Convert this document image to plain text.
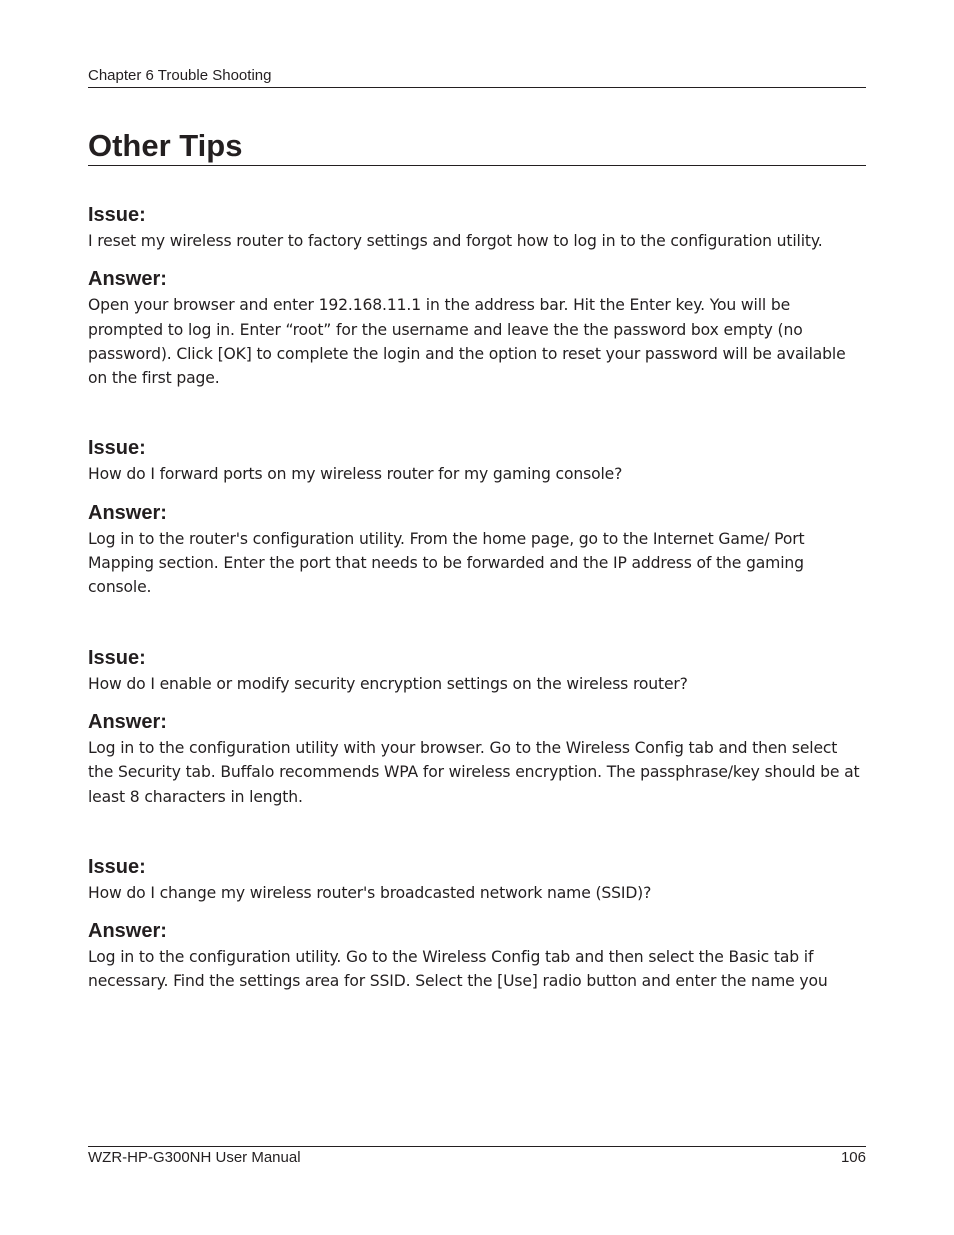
Chapter 6 Trouble Shooting
Other Tips

Issue:

I reset my wireless router to factory settings and forgot how to log in to the configuration utility.

Answer:

Open your browser and enter 192.168.11.1 in the address bar. Hit the Enter key. You will be prompted to log in. Enter “root” for the username and leave the the password box empty (no password). Click [OK] to complete the login and the option to reset your password will be available on the first page.

Issue:

How do I forward ports on my wireless router for my gaming console?

Answer:

Log in to the router's configuration utility. From the home page, go to the Internet Game/ Port Mapping section. Enter the port that needs to be forwarded and the IP address of the gaming console.

Issue:

How do I enable or modify security encryption settings on the wireless router?

Answer:

Log in to the configuration utility with your browser. Go to the Wireless Config tab and then select the Security tab. Buffalo recommends WPA for wireless encryption. The passphrase/key should be at least 8 characters in length.

Issue:

How do I change my wireless router's broadcasted network name (SSID)?

Answer:

Log in to the configuration utility. Go to the Wireless Config tab and then select the Basic tab if necessary. Find the settings area for SSID. Select the [Use] radio button and enter the name you

WZR-HP-G300NH User Manual	106
